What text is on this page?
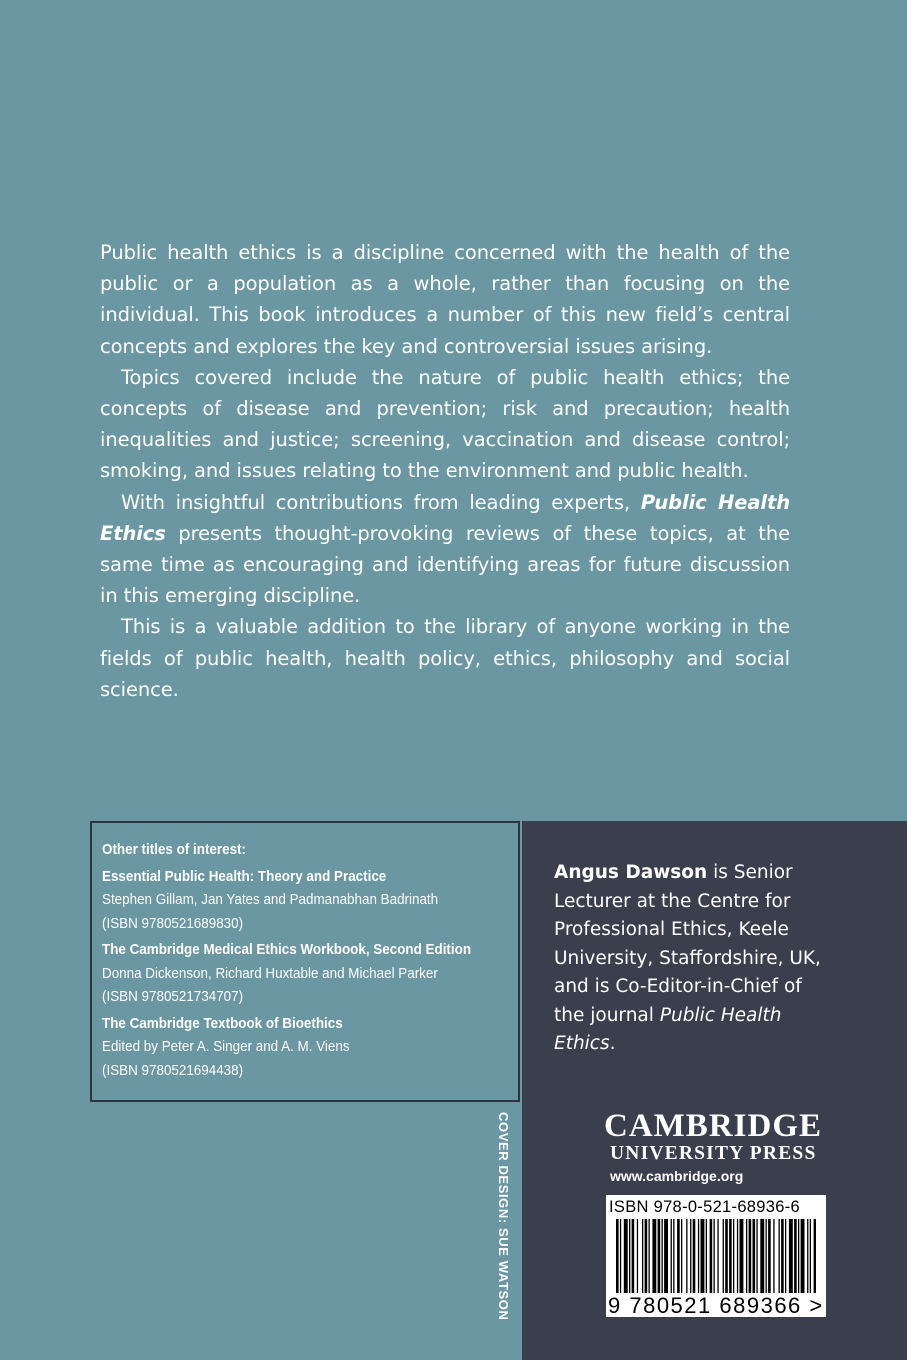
Public health ethics is a discipline concerned with the health of the public or a population as a whole, rather than focusing on the individual. This book introduces a number of this new field’s central concepts and explores the key and controversial issues arising.

Topics covered include the nature of public health ethics; the concepts of disease and prevention; risk and precaution; health inequalities and justice; screening, vaccination and disease control; smoking, and issues relating to the environment and public health.

With insightful contributions from leading experts, Public Health Ethics presents thought-provoking reviews of these topics, at the same time as encouraging and identifying areas for future discussion in this emerging discipline.

This is a valuable addition to the library of anyone working in the fields of public health, health policy, ethics, philosophy and social science.

Other titles of interest:
Essential Public Health: Theory and Practice
Stephen Gillam, Jan Yates and Padmanabhan Badrinath
(ISBN 9780521689830)
The Cambridge Medical Ethics Workbook, Second Edition
Donna Dickenson, Richard Huxtable and Michael Parker
(ISBN 9780521734707)
The Cambridge Textbook of Bioethics
Edited by Peter A. Singer and A. M. Viens
(ISBN 9780521694438)
COVER DESIGN: SUE WATSON
Angus Dawson is Senior Lecturer at the Centre for Professional Ethics, Keele University, Staffordshire, UK, and is Co-Editor-in-Chief of the journal Public Health Ethics.
CAMBRIDGE
UNIVERSITY PRESS
www.cambridge.org
ISBN 978-0-521-68936-6
9 780521 689366 >
